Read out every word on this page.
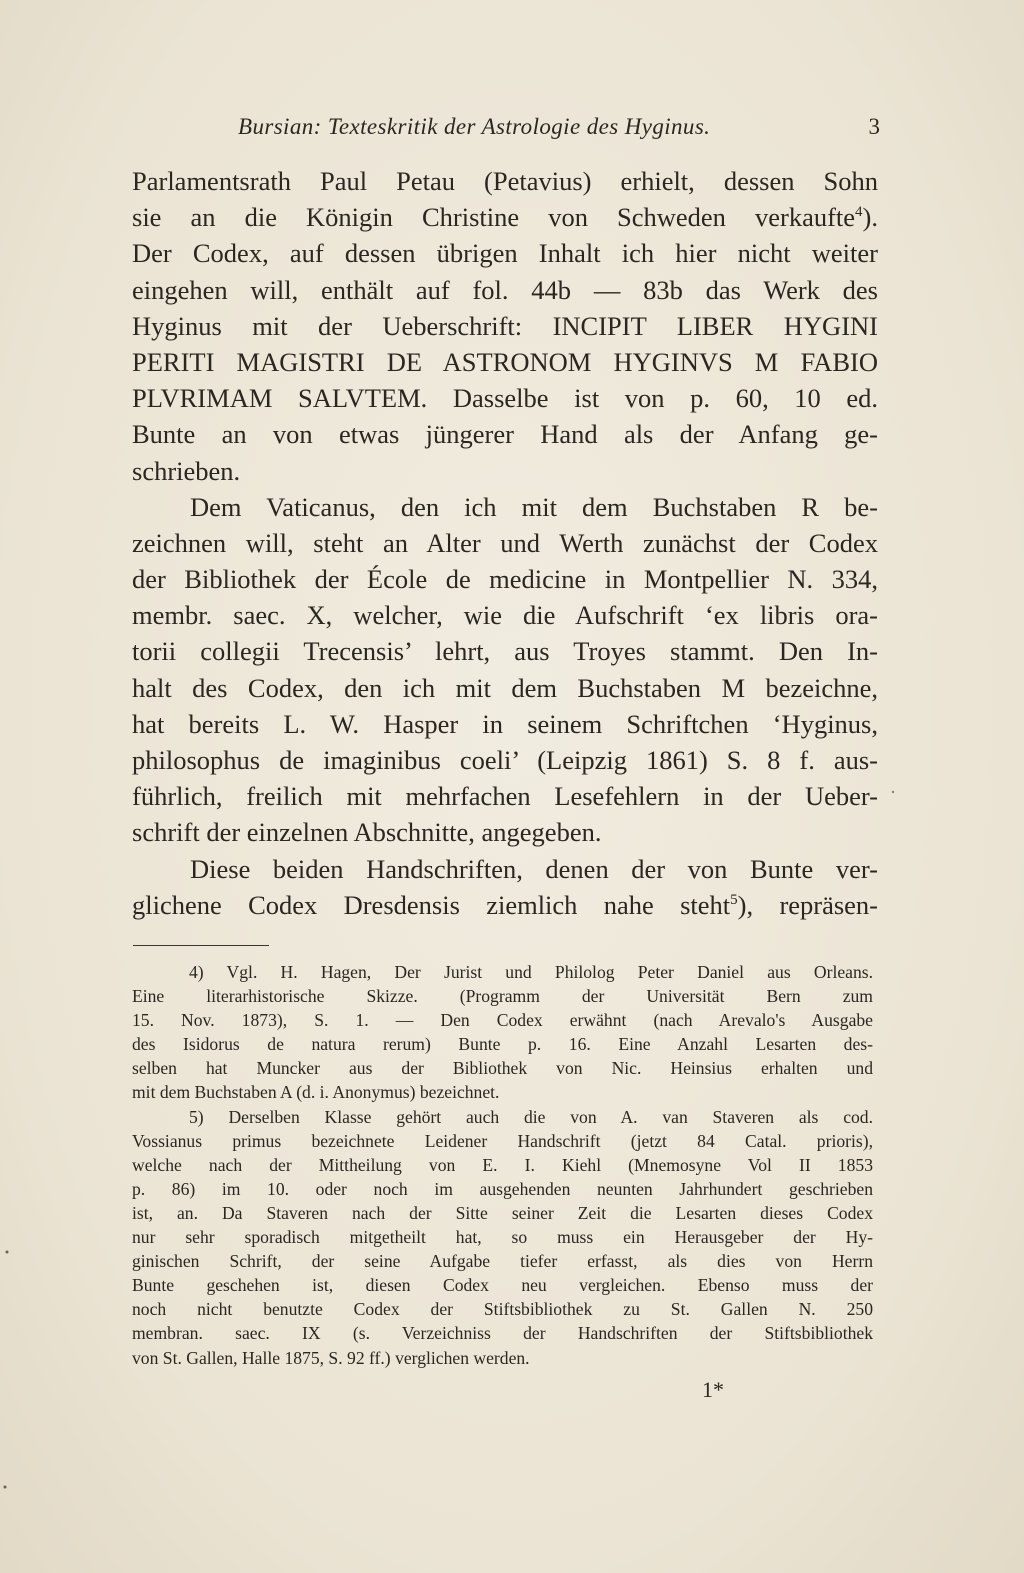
Bursian: Texteskritik der Astrologie des Hyginus.	3
Parlamentsrath Paul Petau (Petavius) erhielt, dessen Sohn
sie an die Königin Christine von Schweden verkaufte$^4$).
Der Codex, auf dessen übrigen Inhalt ich hier nicht weiter
eingehen will, enthält auf fol. 44b — 83b das Werk des
Hyginus mit der Ueberschrift: INCIPIT LIBER HYGINI
PERITI MAGISTRI DE ASTRONOM HYGINVS M FABIO
PLVRIMAM SALVTEM. Dasselbe ist von p. 60, 10 ed.
Bunte an von etwas jüngerer Hand als der Anfang ge-
schrieben.
Dem Vaticanus, den ich mit dem Buchstaben R be-
zeichnen will, steht an Alter und Werth zunächst der Codex
der Bibliothek der École de medicine in Montpellier N. 334,
membr. saec. X, welcher, wie die Aufschrift ‘ex libris ora-
torii collegii Trecensis’ lehrt, aus Troyes stammt. Den In-
halt des Codex, den ich mit dem Buchstaben M bezeichne,
hat bereits L. W. Hasper in seinem Schriftchen ‘Hyginus,
philosophus de imaginibus coeli’ (Leipzig 1861) S. 8 f. aus-
führlich, freilich mit mehrfachen Lesefehlern in der Ueber-
schrift der einzelnen Abschnitte, angegeben.
Diese beiden Handschriften, denen der von Bunte ver-
glichene Codex Dresdensis ziemlich nahe steht$^5$), repräsen-
4) Vgl. H. Hagen, Der Jurist und Philolog Peter Daniel aus Orleans.
Eine literarhistorische Skizze. (Programm der Universität Bern zum
15. Nov. 1873), S. 1. — Den Codex erwähnt (nach Arevalo's Ausgabe
des Isidorus de natura rerum) Bunte p. 16. Eine Anzahl Lesarten des-
selben hat Muncker aus der Bibliothek von Nic. Heinsius erhalten und
mit dem Buchstaben A (d. i. Anonymus) bezeichnet.
5) Derselben Klasse gehört auch die von A. van Staveren als cod.
Vossianus primus bezeichnete Leidener Handschrift (jetzt 84 Catal. prioris),
welche nach der Mittheilung von E. I. Kiehl (Mnemosyne Vol II 1853
p. 86) im 10. oder noch im ausgehenden neunten Jahrhundert geschrieben
ist, an. Da Staveren nach der Sitte seiner Zeit die Lesarten dieses Codex
nur sehr sporadisch mitgetheilt hat, so muss ein Herausgeber der Hy-
ginischen Schrift, der seine Aufgabe tiefer erfasst, als dies von Herrn
Bunte geschehen ist, diesen Codex neu vergleichen. Ebenso muss der
noch nicht benutzte Codex der Stiftsbibliothek zu St. Gallen N. 250
membran. saec. IX (s. Verzeichniss der Handschriften der Stiftsbibliothek
von St. Gallen, Halle 1875, S. 92 ff.) verglichen werden.
1*
